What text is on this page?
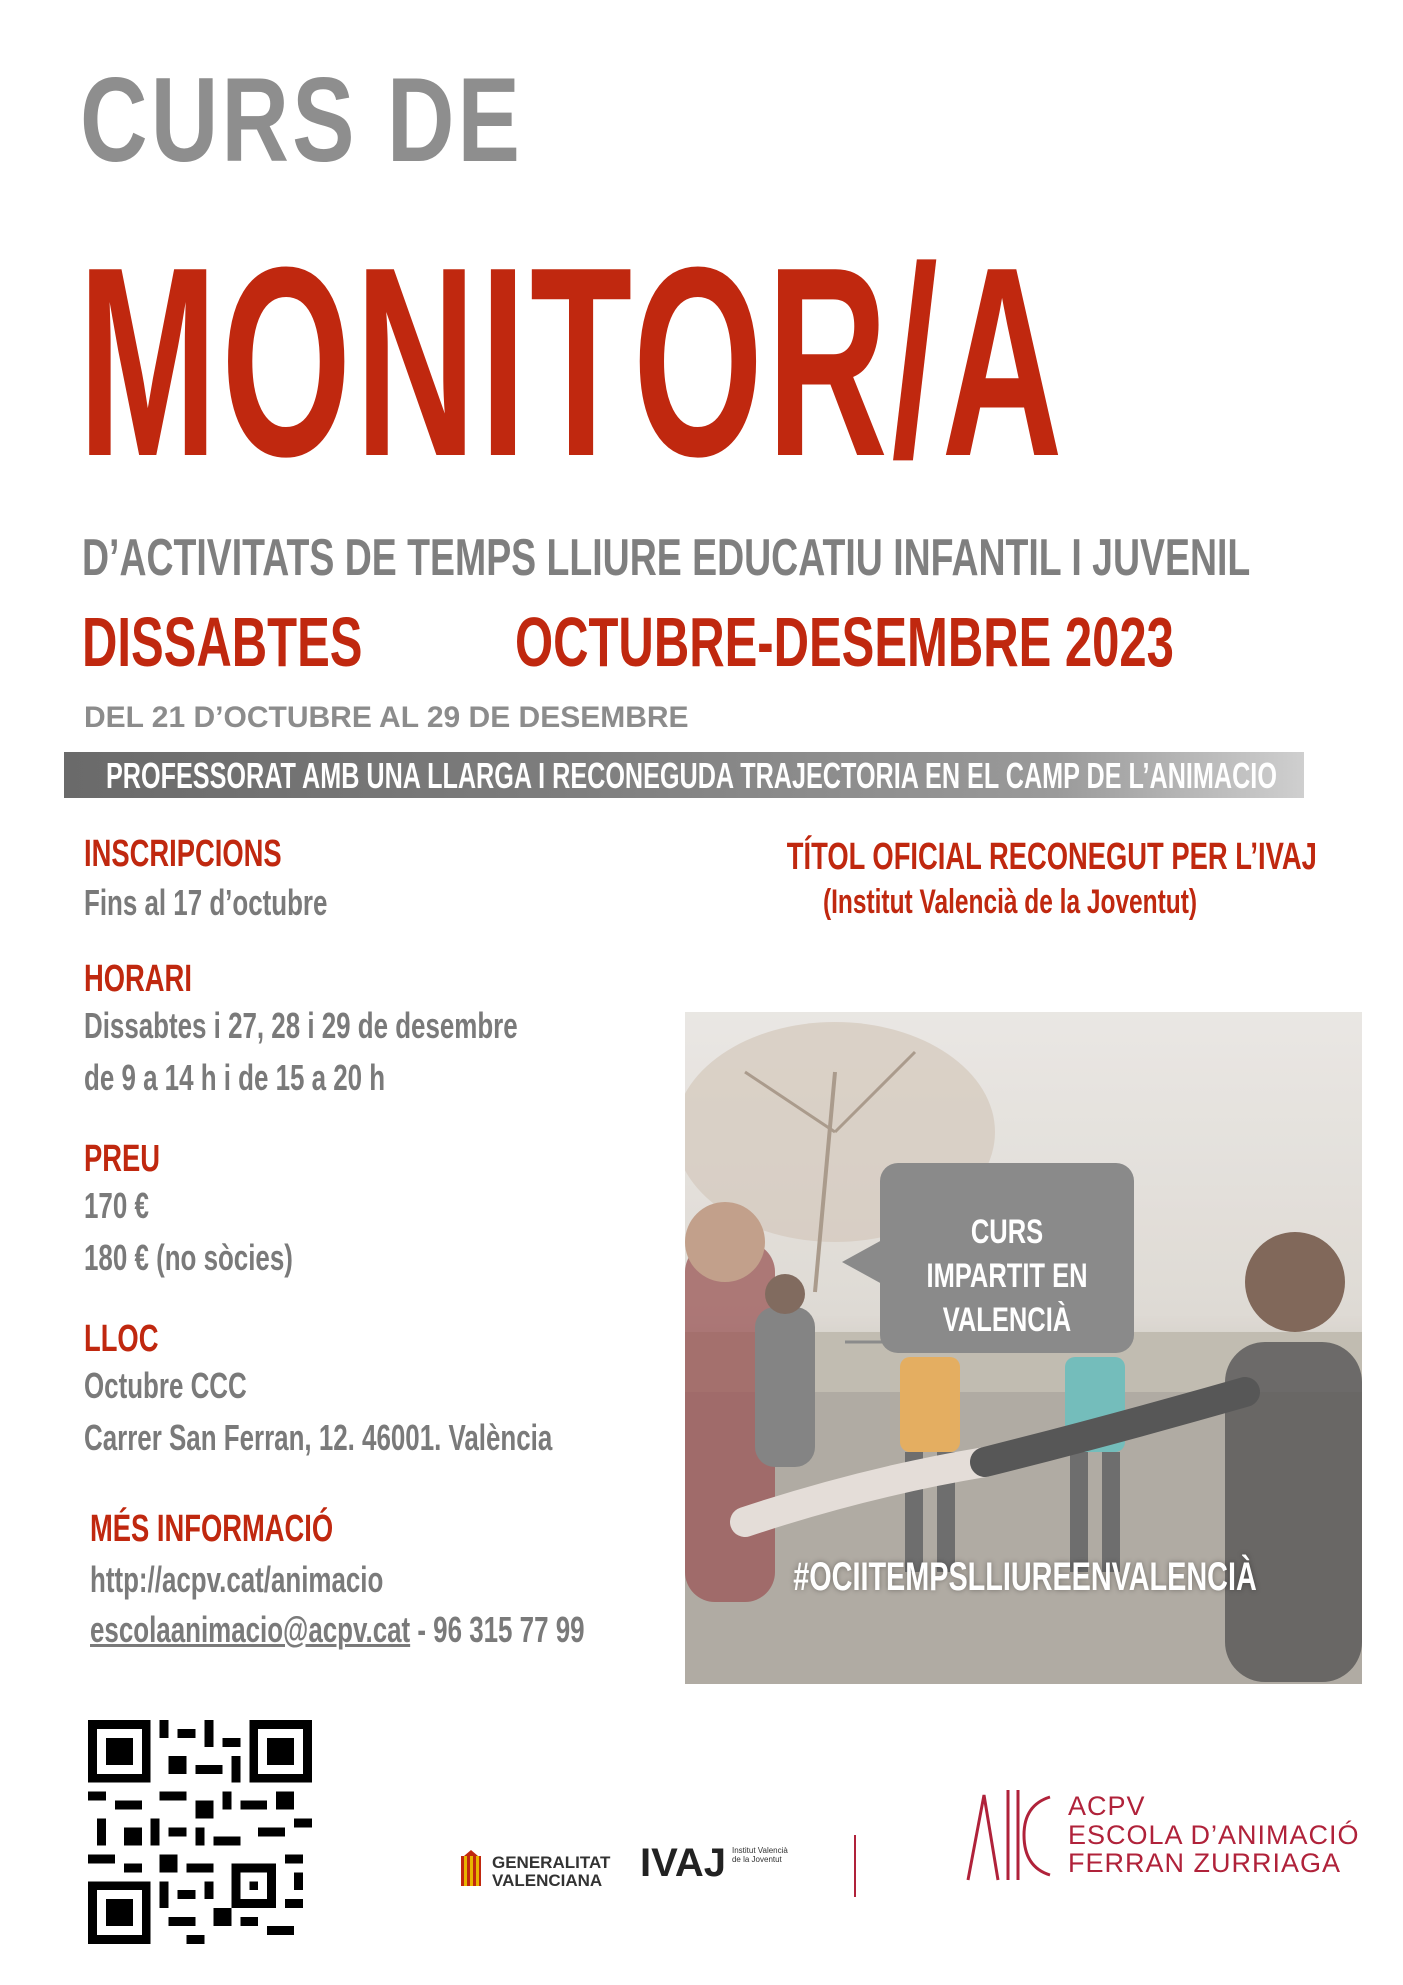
CURS DE
MONITOR/A
D’ACTIVITATS DE TEMPS LLIURE EDUCATIU INFANTIL I JUVENIL
DISSABTES OCTUBRE-DESEMBRE 2023
DEL 21 D’OCTUBRE AL 29 DE DESEMBRE
PROFESSORAT AMB UNA LLARGA I RECONEGUDA TRAJECTORIA EN EL CAMP DE L’ANIMACIO
INSCRIPCIONS
Fins al 17 d’octubre
HORARI
Dissabtes i 27, 28 i 29 de desembre
de 9 a 14 h i de 15 a 20 h
PREU
170 €
180 € (no sòcies)
LLOC
Octubre CCC
Carrer San Ferran, 12. 46001. València
MÉS INFORMACIÓ
http://acpv.cat/animacio
escolaanimacio@acpv.cat - 96 315 77 99
TÍTOL OFICIAL RECONEGUT PER L’IVAJ
(Institut Valencià de la Joventut)
CURS IMPARTIT EN
VALENCIÀ
#OCIITEMPSLLIUREENVALENCIÀ
GENERALITAT
VALENCIANA IVAJ Institut Valencià
de la Joventut
ACPV
ESCOLA D’ANIMACIÓ
FERRAN ZURRIAGA
